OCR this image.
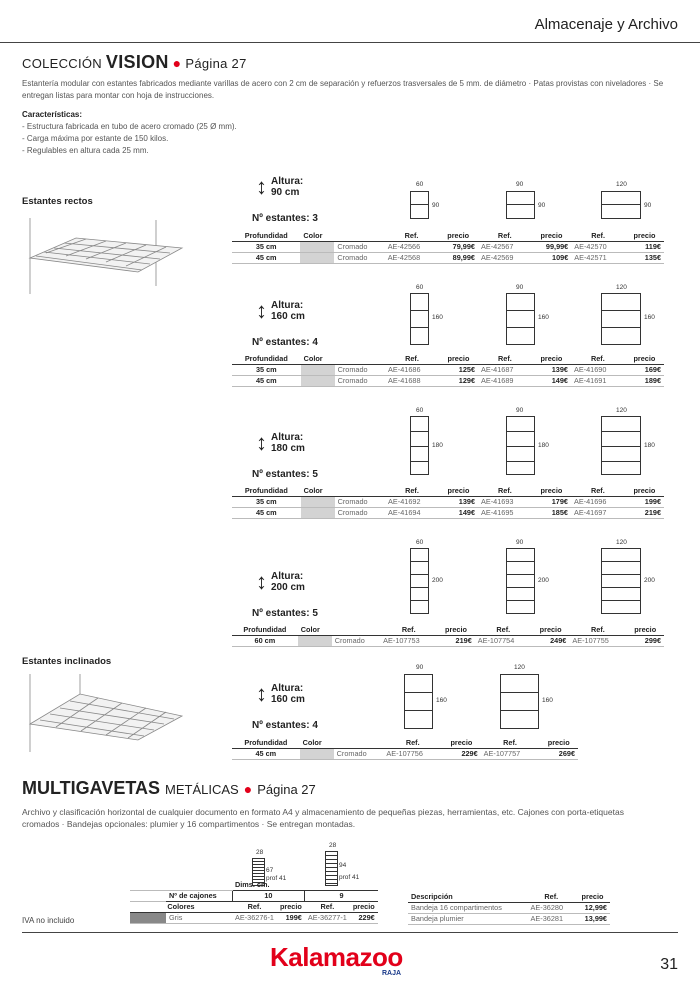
Almacenaje y Archivo
COLECCIÓN VISION ● Página 27
Estantería modular con estantes fabricados mediante varillas de acero con 2 cm de separación y refuerzos trasversales de 5 mm. de diámetro · Patas provistas con niveladores · Se entregan listas para montar con hoja de instrucciones.
Características:
- Estructura fabricada en tubo de acero cromado (25 Ø mm).
- Carga máxima por estante de 150 kilos.
- Regulables en altura cada 25 mm.
Estantes rectos
Estantes inclinados
↕ Altura:
90 cm
Nº estantes: 3
60
90
90
90
120
90
Profundidad	Color		Ref.	precio	Ref.	precio	Ref.	precio
35 cm		Cromado	AE-42566	79,99€	AE-42567	99,99€	AE-42570	119€
45 cm		Cromado	AE-42568	89,99€	AE-42569	109€	AE-42571	135€
↕ Altura:
160 cm
Nº estantes: 4
60
160
90
160
120
160
Profundidad	Color		Ref.	precio	Ref.	precio	Ref.	precio
35 cm		Cromado	AE-41686	125€	AE-41687	139€	AE-41690	169€
45 cm		Cromado	AE-41688	129€	AE-41689	149€	AE-41691	189€
↕ Altura:
180 cm
Nº estantes: 5
60
180
90
180
120
180
Profundidad	Color		Ref.	precio	Ref.	precio	Ref.	precio
35 cm		Cromado	AE-41692	139€	AE-41693	179€	AE-41696	199€
45 cm		Cromado	AE-41694	149€	AE-41695	185€	AE-41697	219€
↕ Altura:
200 cm
Nº estantes: 5
60
200
90
200
120
200
Profundidad	Color		Ref.	precio	Ref.	precio	Ref.	precio
60 cm		Cromado	AE-107753	219€	AE-107754	249€	AE-107755	299€
↕ Altura:
160 cm
Nº estantes: 4
90
160
120
160
Profundidad	Color		Ref.	precio	Ref.	precio
45 cm		Cromado	AE-107756	229€	AE-107757	269€
MULTIGAVETAS METÁLICAS ● Página 27
Archivo y clasificación horizontal de cualquier documento en formato A4 y almacenamiento de pequeñas piezas, herramientas, etc. Cajones con porta-etiquetas cromados · Bandejas opcionales: plumier y 16 compartimentos · Se entregan montadas.
28
67
prof 41
28
94
prof 41
		Dims. cm.			
	Nº de cajones	10		9	
Colores		Ref.	precio	Ref.	precio
	Gris	AE-36276-1	199€	AE-36277-1	229€
Descripción	Ref.	precio
Bandeja 16 compartimentos	AE-36280	12,99€
Bandeja plumier	AE-36281	13,99€
IVA no incluido
Kalamazoo
RAJA
31
